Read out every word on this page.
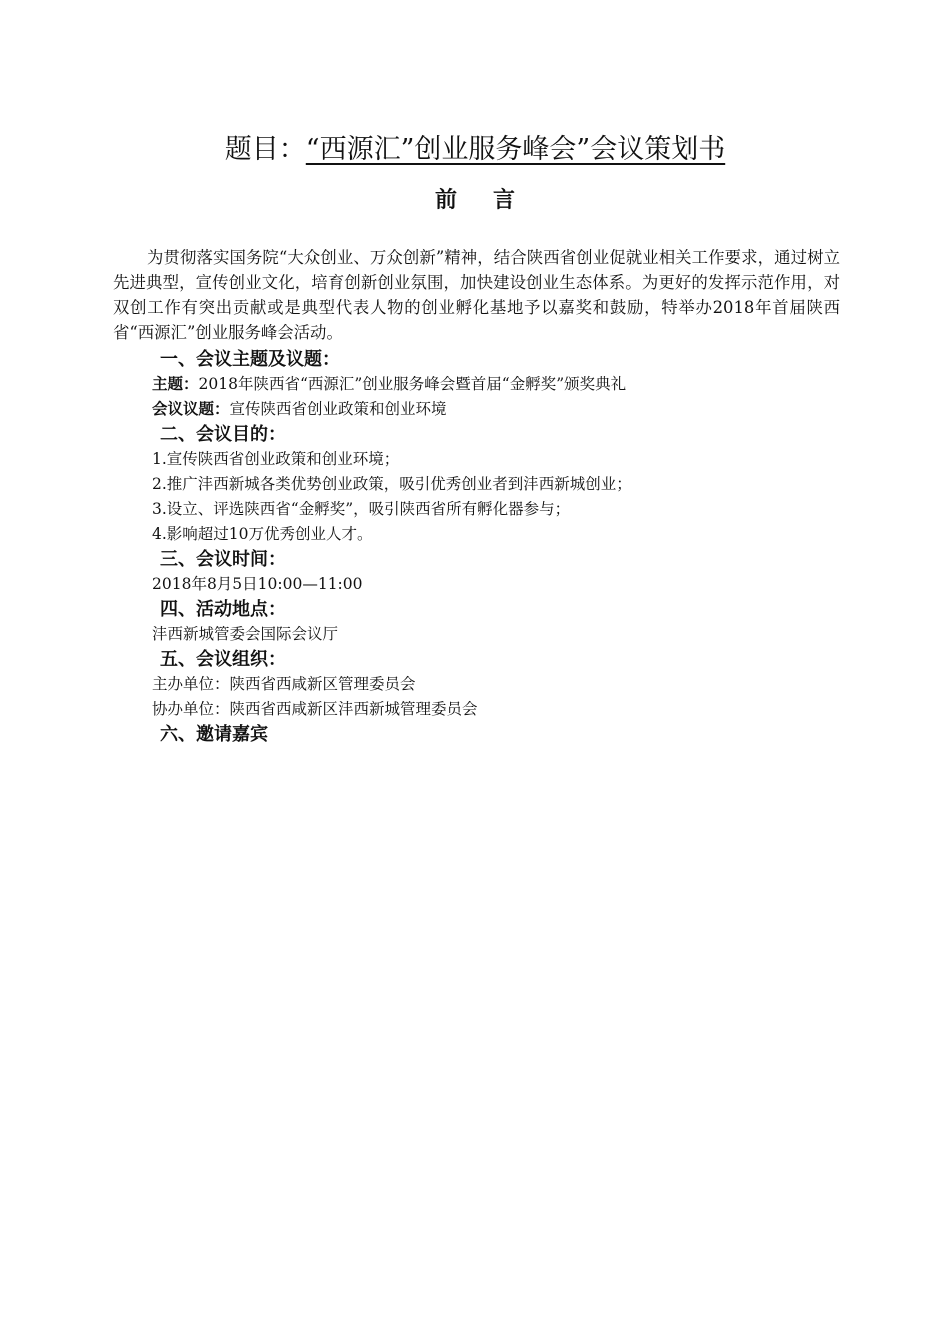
题目：“西源汇”创业服务峰会”会议策划书
前言

为贯彻落实国务院“大众创业、万众创新”精神，结合陕西省创业促就业相关工作要求，通过树立先进典型，宣传创业文化，培育创新创业氛围，加快建设创业生态体系。为更好的发挥示范作用，对双创工作有突出贡献或是典型代表人物的创业孵化基地予以嘉奖和鼓励，特举办2018年首届陕西省“西源汇”创业服务峰会活动。

一、会议主题及议题：
主题：2018年陕西省“西源汇”创业服务峰会暨首届“金孵奖”颁奖典礼
会议议题：宣传陕西省创业政策和创业环境
二、会议目的：
1.宣传陕西省创业政策和创业环境；
2.推广沣西新城各类优势创业政策，吸引优秀创业者到沣西新城创业；
3.设立、评选陕西省“金孵奖”，吸引陕西省所有孵化器参与；
4.影响超过10万优秀创业人才。
三、会议时间：
2018年8月5日10:00—11:00
四、活动地点：
沣西新城管委会国际会议厅
五、会议组织：
主办单位：陕西省西咸新区管理委员会
协办单位：陕西省西咸新区沣西新城管理委员会
六、邀请嘉宾
